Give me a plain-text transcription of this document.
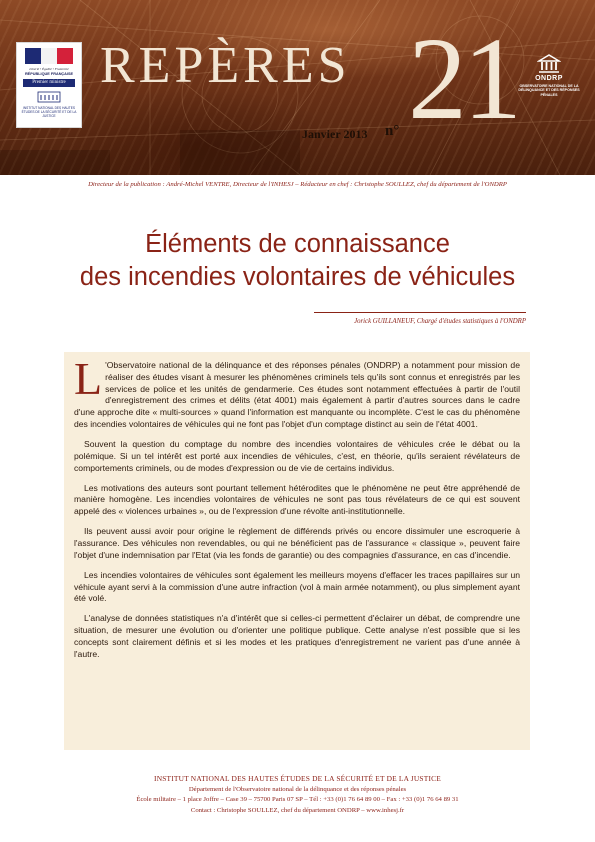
Liberté • Égalité • Fraternité
RÉPUBLIQUE FRANÇAISE
Premier ministre
INSTITUT NATIONAL DES HAUTES ÉTUDES DE LA SÉCURITÉ ET DE LA JUSTICE
REPÈRES 21
Janvier 2013 n°
ONDRP
OBSERVATOIRE NATIONAL DE LA DÉLINQUANCE ET DES RÉPONSES PÉNALES
Directeur de la publication : André-Michel VENTRE, Directeur de l'INHESJ – Rédacteur en chef : Christophe SOULLEZ, chef du département de l'ONDRP
Éléments de connaissance
des incendies volontaires de véhicules
Jorick GUILLANEUF, Chargé d'études statistiques à l'ONDRP

L 'Observatoire national de la délinquance et des réponses pénales (ONDRP) a notamment pour mission de réaliser des études visant à mesurer les phénomènes criminels tels qu'ils sont connus et enregistrés par les services de police et les unités de gendarmerie. Ces études sont notamment effectuées à partir de l'outil d'enregistrement des crimes et délits (état 4001) mais également à partir d'autres sources dans le cadre d'une approche dite « multi-sources » quand l'information est manquante ou incomplète. C'est le cas du phénomène des incendies volontaires de véhicules qui ne font pas l'objet d'un comptage distinct au sein de l'état 4001.

Souvent la question du comptage du nombre des incendies volontaires de véhicules crée le débat ou la polémique. Si un tel intérêt est porté aux incendies de véhicules, c'est, en théorie, qu'ils seraient révélateurs de comportements criminels, ou de modes d'expression ou de vie de certains individus.

Les motivations des auteurs sont pourtant tellement hétérodites que le phénomène ne peut être appréhendé de manière homogène. Les incendies volontaires de véhicules ne sont pas tous révélateurs de ce qui est souvent appelé des « violences urbaines », ou de l'expression d'une révolte anti-institutionnelle.

Ils peuvent aussi avoir pour origine le règlement de différends privés ou encore dissimuler une escroquerie à l'assurance. Des véhicules non revendables, ou qui ne bénéficient pas de l'assurance « classique », peuvent faire l'objet d'une indemnisation par l'Etat (via les fonds de garantie) ou des compagnies d'assurance, en cas d'incendie.

Les incendies volontaires de véhicules sont également les meilleurs moyens d'effacer les traces papillaires sur un véhicule ayant servi à la commission d'une autre infraction (vol à main armée notamment), ou plus simplement ayant été volé.

L'analyse de données statistiques n'a d'intérêt que si celles-ci permettent d'éclairer un débat, de comprendre une situation, de mesurer une évolution ou d'orienter une politique publique. Cette analyse n'est possible que si les concepts sont clairement définis et si les modes et les pratiques d'enregistrement ne varient pas d'une année à l'autre.

INSTITUT NATIONAL DES HAUTES ÉTUDES DE LA SÉCURITÉ ET DE LA JUSTICE
Département de l'Observatoire national de la délinquance et des réponses pénales
École militaire – 1 place Joffre – Case 39 – 75700 Paris 07 SP – Tél : +33 (0)1 76 64 89 00 – Fax : +33 (0)1 76 64 89 31
Contact : Christophe SOULLEZ, chef du département ONDRP – www.inhesj.fr
